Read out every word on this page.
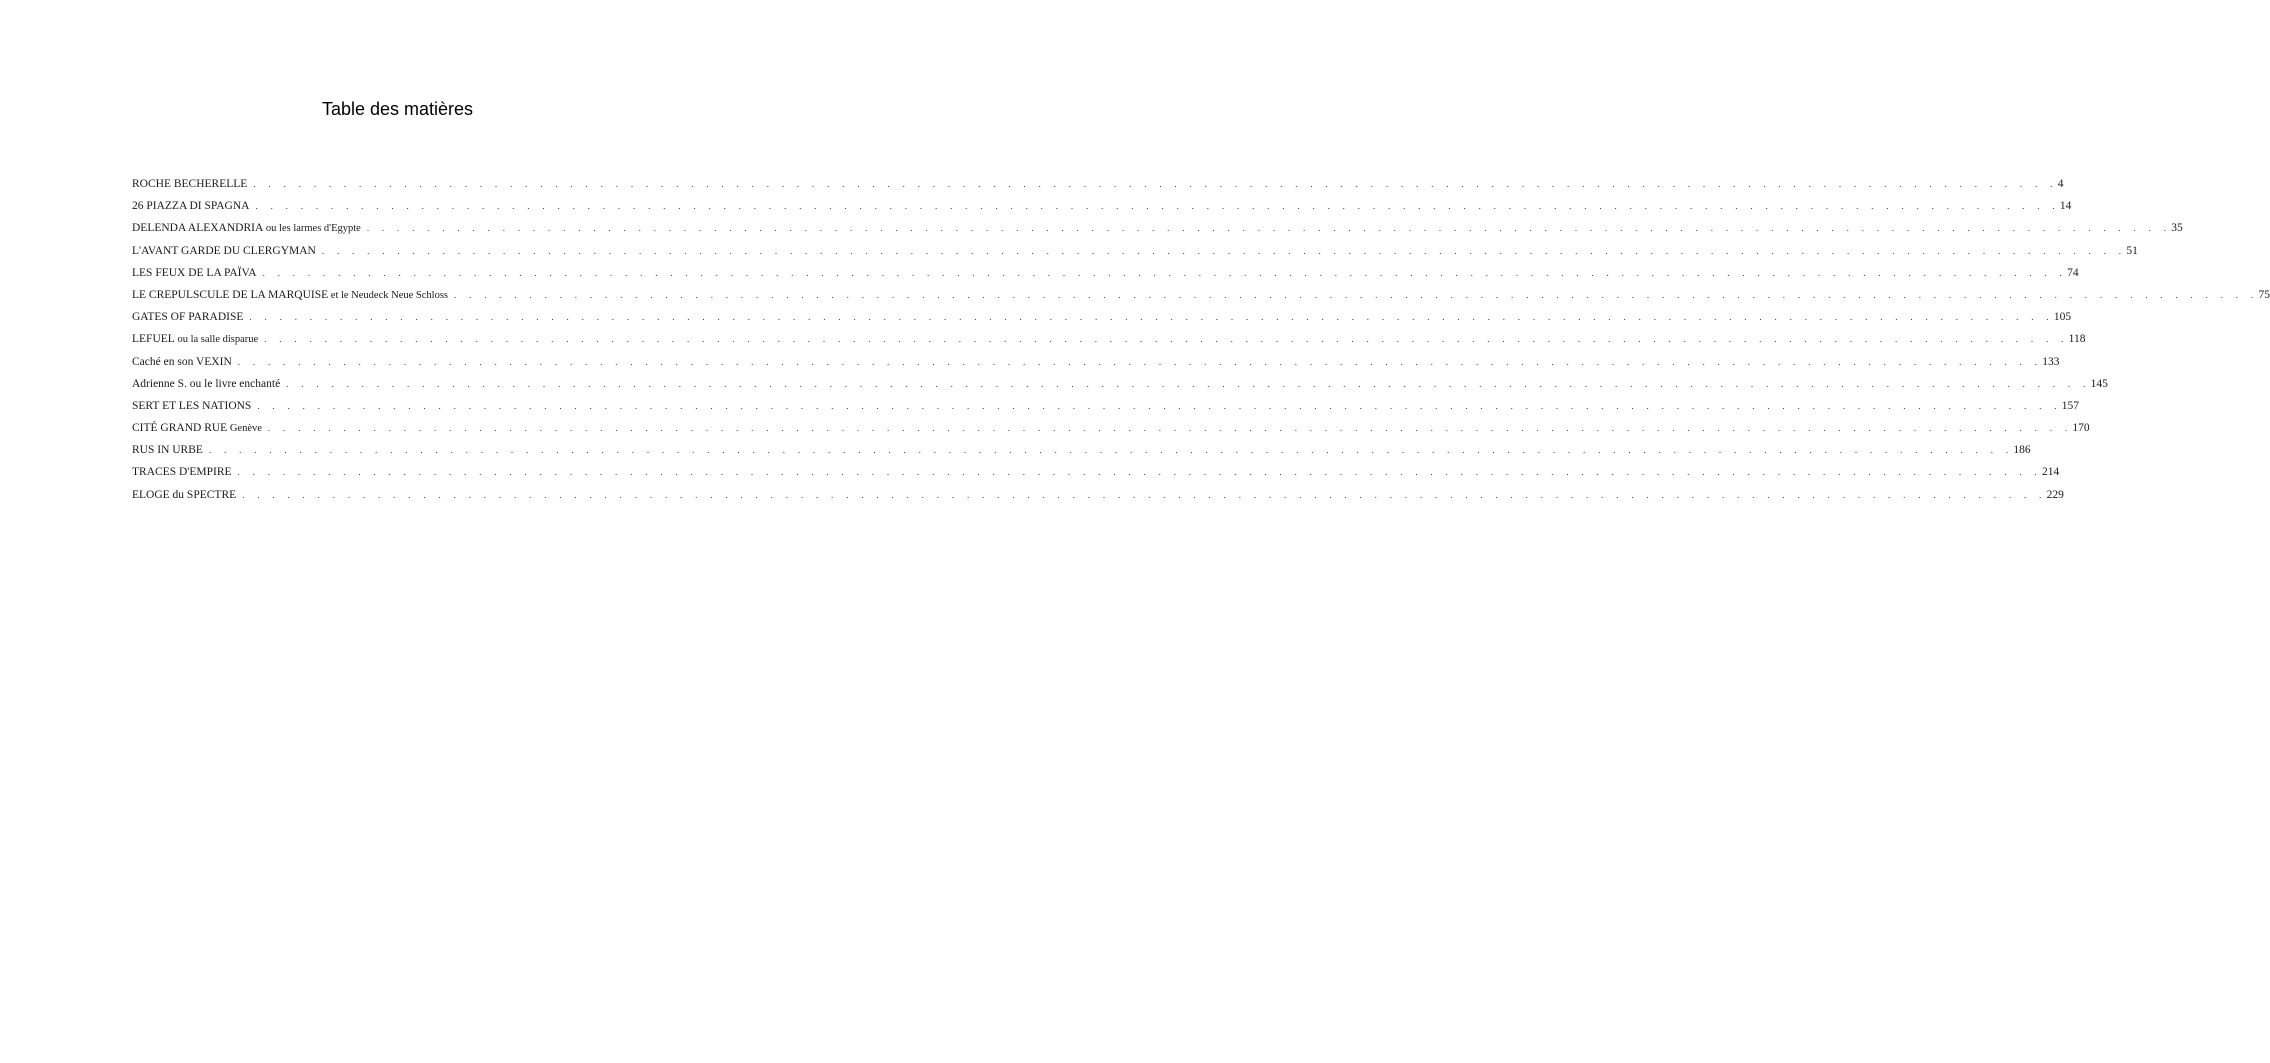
Table des matières
ROCHE BECHERELLE . . . . . . . . . . . . . . . . . . . . . . . . . . . . . . . . . . . . . . . . . . . . . . . . . . . . . . . . . . . . . . . . . . . . . . . . . . . . . . . . . . . . . . . . . . . . . . . . . . . . . . . . . . . . . . . . . . . . . . . . 4
26 PIAZZA DI SPAGNA . . . . . . . . . . . . . . . . . . . . . . . . . . . . . . . . . . . . . . . . . . . . . . . . . . . . . . . . . . . . . . . . . . . . . . . . . . . . . . . . . . . . . . . . . . . . . . . . . . . . . . . . . . . . . . . . . . . . . . . . 14
DELENDA ALEXANDRIA ou les larmes d'Egypte . . . . . . . . . . . . . . . . . . . . . . . . . . . . . . . . . . . . . . . . . . . . . . . . . . . . . . . . . . . . . . . . . . . . . . . . . . . . . . . . . . . . . . . . . . . . . . . . . . . . . . . . . . . . . . . . . . . . . . . . 35
L'AVANT GARDE DU CLERGYMAN . . . . . . . . . . . . . . . . . . . . . . . . . . . . . . . . . . . . . . . . . . . . . . . . . . . . . . . . . . . . . . . . . . . . . . . . . . . . . . . . . . . . . . . . . . . . . . . . . . . . . . . . . . . . . . . . . . . . . . . . 51
LES FEUX DE LA PAÏVA . . . . . . . . . . . . . . . . . . . . . . . . . . . . . . . . . . . . . . . . . . . . . . . . . . . . . . . . . . . . . . . . . . . . . . . . . . . . . . . . . . . . . . . . . . . . . . . . . . . . . . . . . . . . . . . . . . . . . . . . 74
LE CREPULSCULE DE LA MARQUISE et le Neudeck Neue Schloss . . . . . . . . . . . . . . . . . . . . . . . . . . . . . . . . . . . . . . . . . . . . . . . . . . . . . . . . . . . . . . . . . . . . . . . . . . . . . . . . . . . . . . . . . . . . . . . . . . . . . . . . . . . . . . . . . . . . . . . . 75
GATES OF PARADISE . . . . . . . . . . . . . . . . . . . . . . . . . . . . . . . . . . . . . . . . . . . . . . . . . . . . . . . . . . . . . . . . . . . . . . . . . . . . . . . . . . . . . . . . . . . . . . . . . . . . . . . . . . . . . . . . . . . . . . . . 105
LEFUEL ou la salle disparue . . . . . . . . . . . . . . . . . . . . . . . . . . . . . . . . . . . . . . . . . . . . . . . . . . . . . . . . . . . . . . . . . . . . . . . . . . . . . . . . . . . . . . . . . . . . . . . . . . . . . . . . . . . . . . . . . . . . . . . . 118
Caché en son VEXIN . . . . . . . . . . . . . . . . . . . . . . . . . . . . . . . . . . . . . . . . . . . . . . . . . . . . . . . . . . . . . . . . . . . . . . . . . . . . . . . . . . . . . . . . . . . . . . . . . . . . . . . . . . . . . . . . . . . . . . . . 133
Adrienne S. ou le livre enchanté . . . . . . . . . . . . . . . . . . . . . . . . . . . . . . . . . . . . . . . . . . . . . . . . . . . . . . . . . . . . . . . . . . . . . . . . . . . . . . . . . . . . . . . . . . . . . . . . . . . . . . . . . . . . . . . . . . . . . . . . 145
SERT ET LES NATIONS . . . . . . . . . . . . . . . . . . . . . . . . . . . . . . . . . . . . . . . . . . . . . . . . . . . . . . . . . . . . . . . . . . . . . . . . . . . . . . . . . . . . . . . . . . . . . . . . . . . . . . . . . . . . . . . . . . . . . . . . 157
CITÉ GRAND RUE Genève . . . . . . . . . . . . . . . . . . . . . . . . . . . . . . . . . . . . . . . . . . . . . . . . . . . . . . . . . . . . . . . . . . . . . . . . . . . . . . . . . . . . . . . . . . . . . . . . . . . . . . . . . . . . . . . . . . . . . . . . 170
RUS IN URBE . . . . . . . . . . . . . . . . . . . . . . . . . . . . . . . . . . . . . . . . . . . . . . . . . . . . . . . . . . . . . . . . . . . . . . . . . . . . . . . . . . . . . . . . . . . . . . . . . . . . . . . . . . . . . . . . . . . . . . . . 186
TRACES D'EMPIRE . . . . . . . . . . . . . . . . . . . . . . . . . . . . . . . . . . . . . . . . . . . . . . . . . . . . . . . . . . . . . . . . . . . . . . . . . . . . . . . . . . . . . . . . . . . . . . . . . . . . . . . . . . . . . . . . . . . . . . . . 214
ELOGE du SPECTRE . . . . . . . . . . . . . . . . . . . . . . . . . . . . . . . . . . . . . . . . . . . . . . . . . . . . . . . . . . . . . . . . . . . . . . . . . . . . . . . . . . . . . . . . . . . . . . . . . . . . . . . . . . . . . . . . . . . . . . . . 229
